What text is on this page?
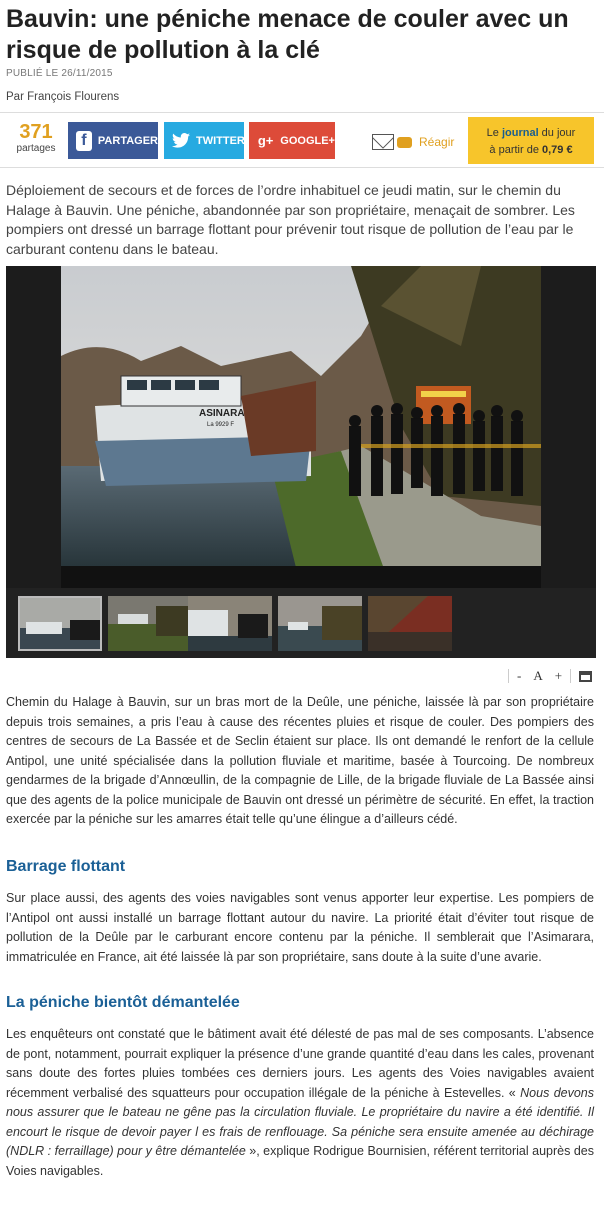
Bauvin: une péniche menace de couler avec un risque de pollution à la clé
PUBLIÉ LE 26/11/2015
Par François Flourens
371
partages	f	PARTAGER	TWITTER g+ GOOGLE+	Réagir
Le journal du jour
à partir de 0,79 €

Déploiement de secours et de forces de l’ordre inhabituel ce jeudi matin, sur le chemin du Halage à Bauvin. Une péniche, abandonnée par son propriétaire, menaçait de sombrer. Les pompiers ont dressé un barrage flottant pour prévenir tout risque de pollution de l’eau par le carburant contenu dans le bateau.

ASINARA
La 9929 F
- A +

Chemin du Halage à Bauvin, sur un bras mort de la Deûle, une péniche, laissée là par son propriétaire depuis trois semaines, a pris l’eau à cause des récentes pluies et risque de couler. Des pompiers des centres de secours de La Bassée et de Seclin étaient sur place. Ils ont demandé le renfort de la cellule Antipol, une unité spécialisée dans la pollution fluviale et maritime, basée à Tourcoing. De nombreux gendarmes de la brigade d’Annœullin, de la compagnie de Lille, de la brigade fluviale de La Bassée ainsi que des agents de la police municipale de Bauvin ont dressé un périmètre de sécurité. En effet, la traction exercée par la péniche sur les amarres était telle qu’une élingue a d’ailleurs cédé.

Barrage flottant

Sur place aussi, des agents des voies navigables sont venus apporter leur expertise. Les pompiers de l’Antipol ont aussi installé un barrage flottant autour du navire. La priorité était d’éviter tout risque de pollution de la Deûle par le carburant encore contenu par la péniche. Il semblerait que l’Asimarara, immatriculée en France, ait été laissée là par son propriétaire, sans doute à la suite d’une avarie.

La péniche bientôt démantelée

Les enquêteurs ont constaté que le bâtiment avait été délesté de pas mal de ses composants. L’absence de pont, notamment, pourrait expliquer la présence d’une grande quantité d’eau dans les cales, provenant sans doute des fortes pluies tombées ces derniers jours. Les agents des Voies navigables avaient récemment verbalisé des squatteurs pour occupation illégale de la péniche à Estevelles. « Nous devons nous assurer que le bateau ne gêne pas la circulation fluviale. Le propriétaire du navire a été identifié. Il encourt le risque de devoir payer l es frais de renflouage. Sa péniche sera ensuite amenée au déchirage (NDLR : ferraillage) pour y être démantelée », explique Rodrigue Bournisien, référent territorial auprès des Voies navigables.
